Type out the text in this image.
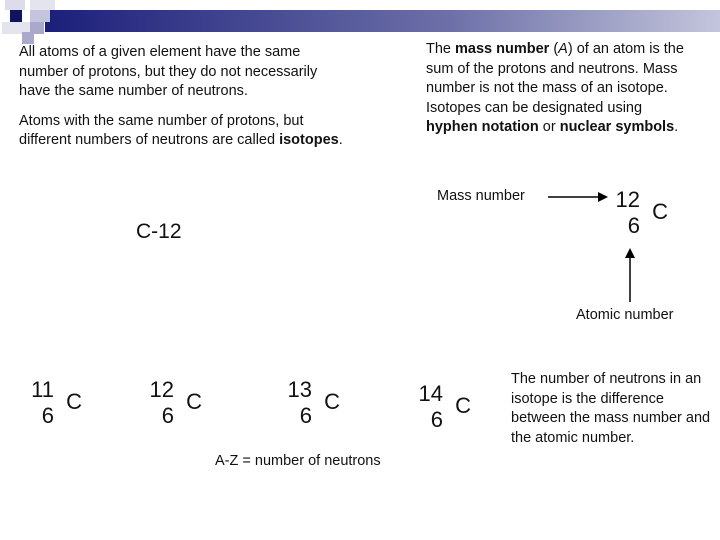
All atoms of a given element have the same number of protons, but they do not necessarily have the same number of neutrons.
Atoms with the same number of protons, but different numbers of neutrons are called isotopes.
The mass number (A) of an atom is the sum of the protons and neutrons. Mass number is not the mass of an isotope. Isotopes can be designated using hyphen notation or nuclear symbols.
C-12
Mass number	12
6
C
Atomic number
11
6
C	12
6
C	13
6
C	14
6
C
A-Z = number of neutrons
The number of neutrons in an isotope is the difference between the mass number and the atomic number.
